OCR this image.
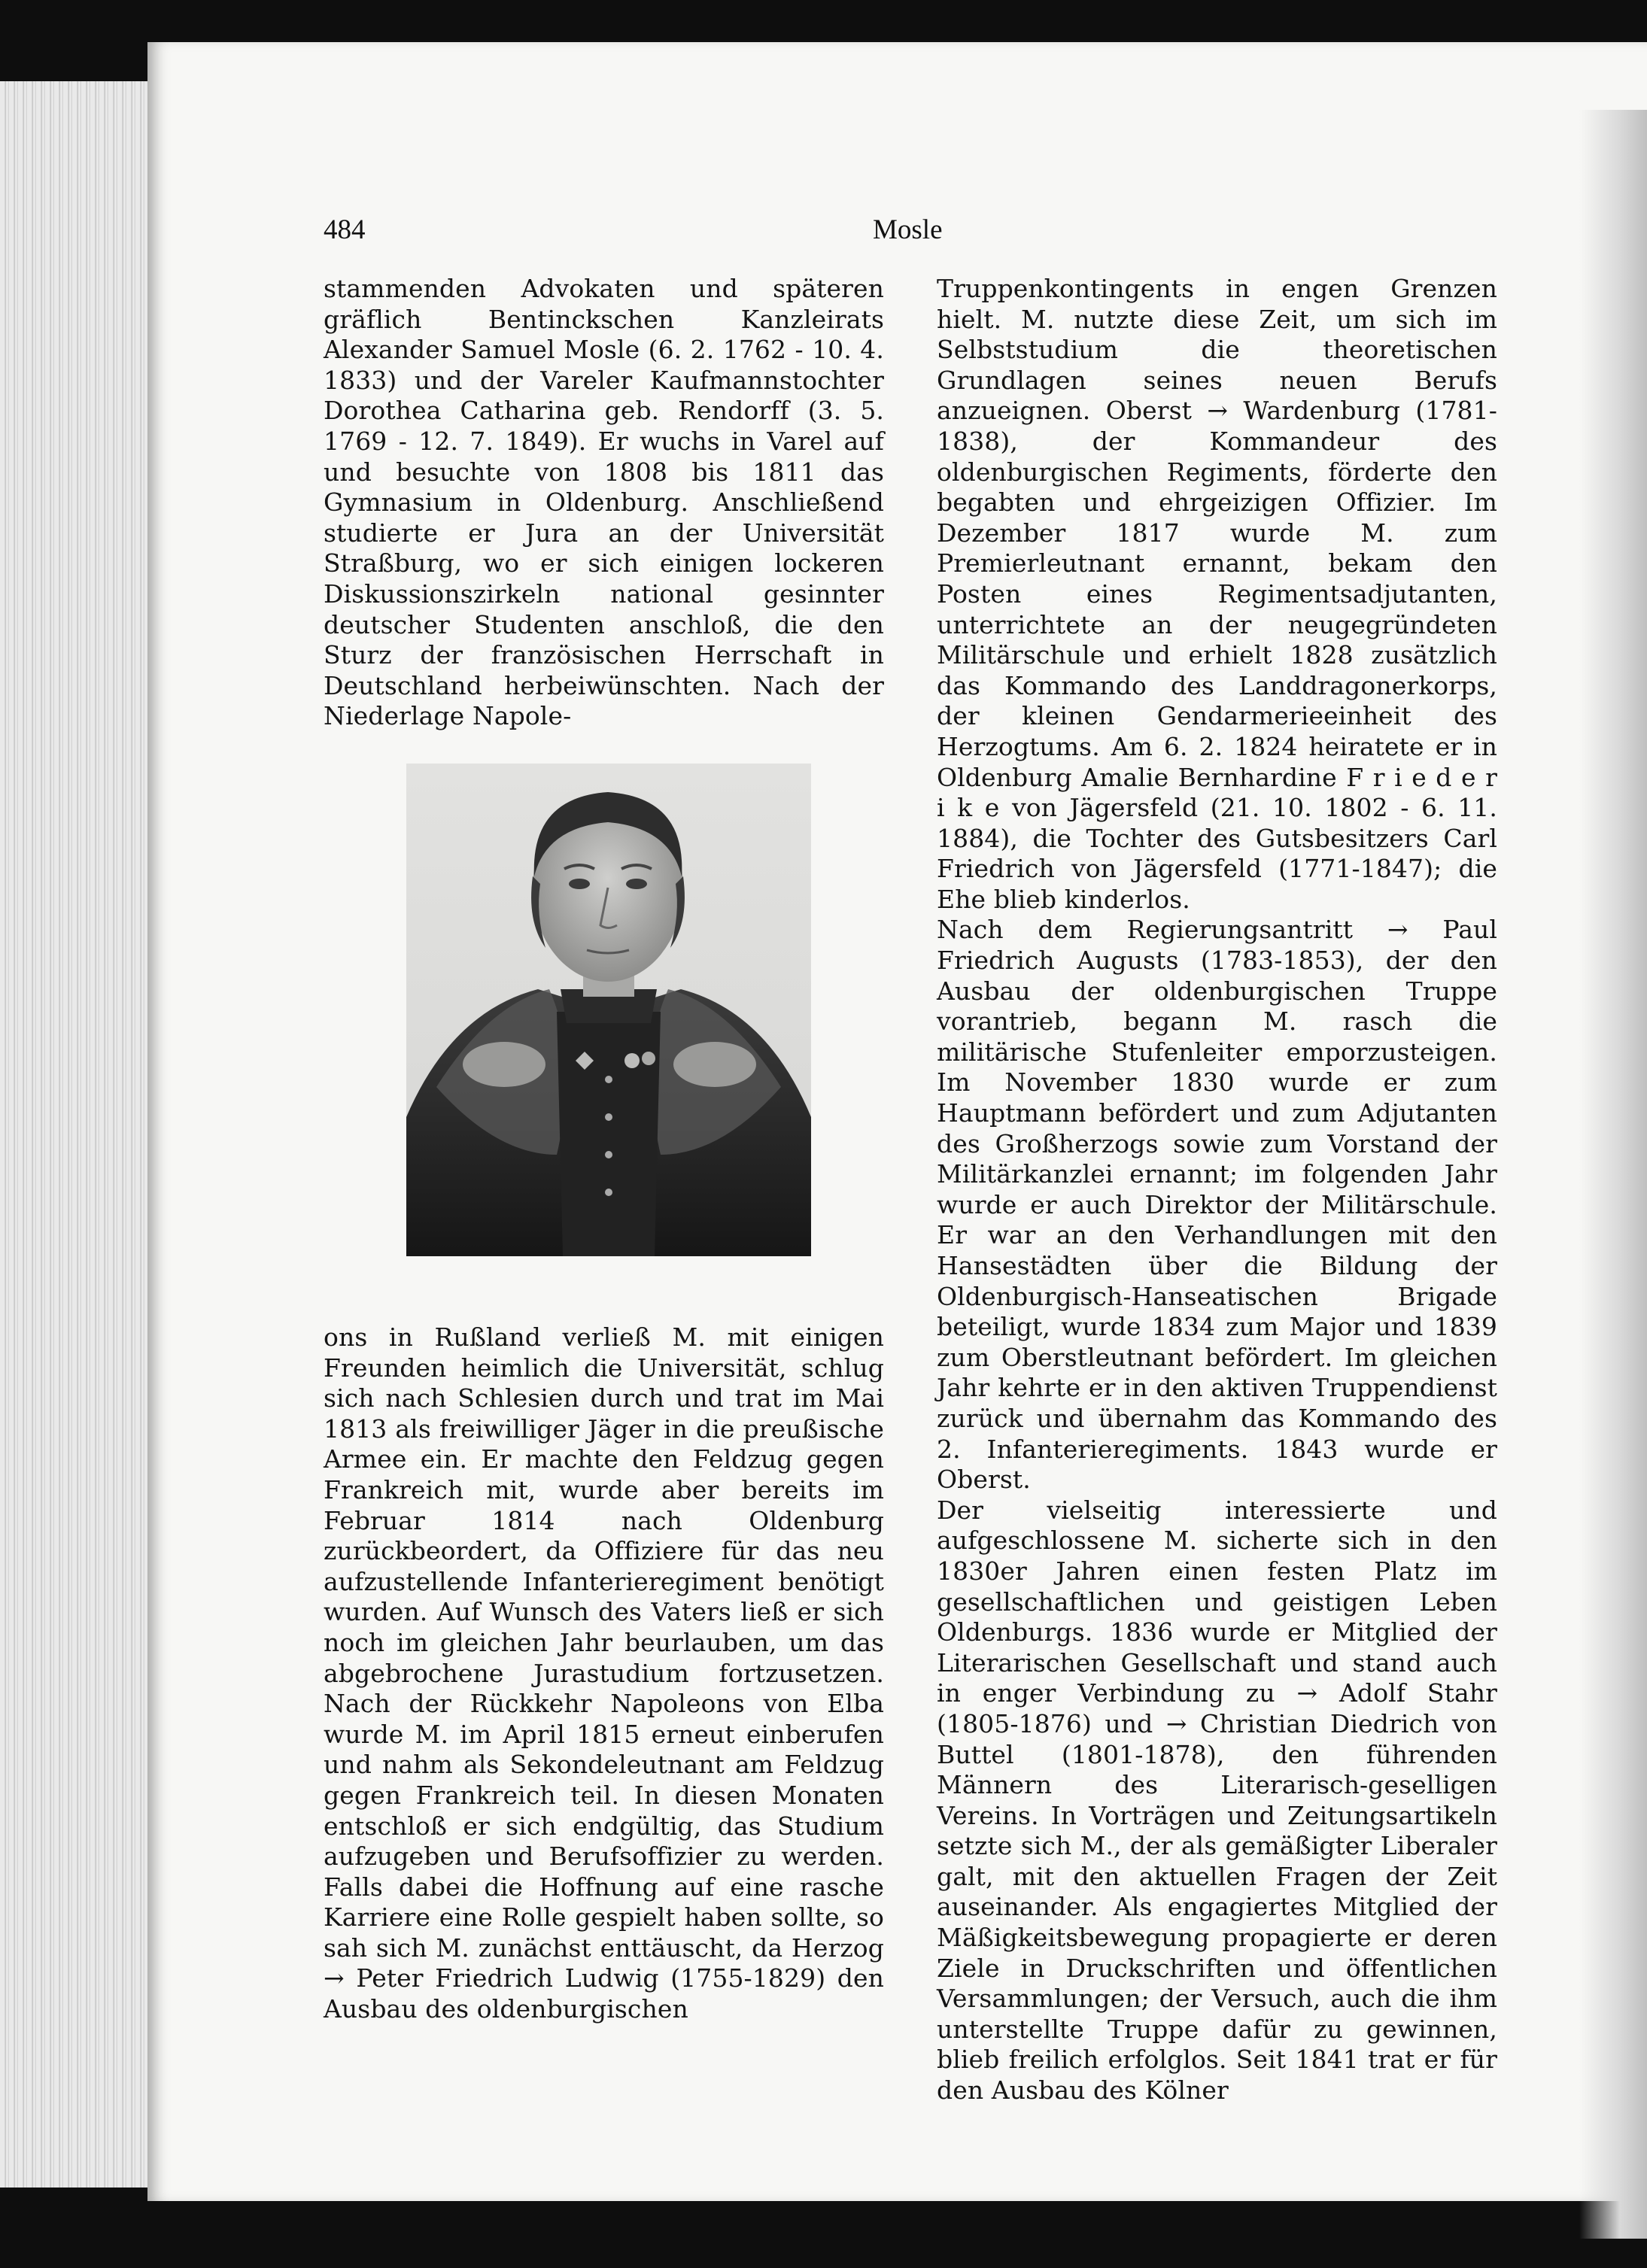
484	Mosle

stammenden Advokaten und späteren gräflich Bentinckschen Kanzleirats Alexander Samuel Mosle (6. 2. 1762 - 10. 4. 1833) und der Vareler Kaufmannstochter Dorothea Catharina geb. Rendorff (3. 5. 1769 - 12. 7. 1849). Er wuchs in Varel auf und besuchte von 1808 bis 1811 das Gymnasium in Oldenburg. Anschließend studierte er Jura an der Universität Straßburg, wo er sich einigen lockeren Diskussionszirkeln national gesinnter deutscher Studenten anschloß, die den Sturz der französischen Herrschaft in Deutschland herbeiwünschten. Nach der Niederlage Napole-

ons in Rußland verließ M. mit einigen Freunden heimlich die Universität, schlug sich nach Schlesien durch und trat im Mai 1813 als freiwilliger Jäger in die preußische Armee ein. Er machte den Feldzug gegen Frankreich mit, wurde aber bereits im Februar 1814 nach Oldenburg zurückbeordert, da Offiziere für das neu aufzustellende Infanterieregiment benötigt wurden. Auf Wunsch des Vaters ließ er sich noch im gleichen Jahr beurlauben, um das abgebrochene Jurastudium fortzusetzen. Nach der Rückkehr Napoleons von Elba wurde M. im April 1815 erneut einberufen und nahm als Sekondeleutnant am Feldzug gegen Frankreich teil. In diesen Monaten entschloß er sich endgültig, das Studium aufzugeben und Berufsoffizier zu werden. Falls dabei die Hoffnung auf eine rasche Karriere eine Rolle gespielt haben sollte, so sah sich M. zunächst enttäuscht, da Herzog → Peter Friedrich Ludwig (1755-1829) den Ausbau des oldenburgischen

Truppenkontingents in engen Grenzen hielt. M. nutzte diese Zeit, um sich im Selbststudium die theoretischen Grundlagen seines neuen Berufs anzueignen. Oberst → Wardenburg (1781-1838), der Kommandeur des oldenburgischen Regiments, förderte den begabten und ehrgeizigen Offizier. Im Dezember 1817 wurde M. zum Premierleutnant ernannt, bekam den Posten eines Regimentsadjutanten, unterrichtete an der neugegründeten Militärschule und erhielt 1828 zusätzlich das Kommando des Landdragonerkorps, der kleinen Gendarmerieeinheit des Herzogtums. Am 6. 2. 1824 heiratete er in Oldenburg Amalie Bernhardine F r i e d e r i k e von Jägersfeld (21. 10. 1802 - 6. 11. 1884), die Tochter des Gutsbesitzers Carl Friedrich von Jägersfeld (1771-1847); die Ehe blieb kinderlos.

Nach dem Regierungsantritt → Paul Friedrich Augusts (1783-1853), der den Ausbau der oldenburgischen Truppe vorantrieb, begann M. rasch die militärische Stufenleiter emporzusteigen. Im November 1830 wurde er zum Hauptmann befördert und zum Adjutanten des Großherzogs sowie zum Vorstand der Militärkanzlei ernannt; im folgenden Jahr wurde er auch Direktor der Militärschule. Er war an den Verhandlungen mit den Hansestädten über die Bildung der Oldenburgisch-Hanseatischen Brigade beteiligt, wurde 1834 zum Major und 1839 zum Oberstleutnant befördert. Im gleichen Jahr kehrte er in den aktiven Truppendienst zurück und übernahm das Kommando des 2. Infanterieregiments. 1843 wurde er Oberst.

Der vielseitig interessierte und aufgeschlossene M. sicherte sich in den 1830er Jahren einen festen Platz im gesellschaftlichen und geistigen Leben Oldenburgs. 1836 wurde er Mitglied der Literarischen Gesellschaft und stand auch in enger Verbindung zu → Adolf Stahr (1805-1876) und → Christian Diedrich von Buttel (1801-1878), den führenden Männern des Literarisch-geselligen Vereins. In Vorträgen und Zeitungsartikeln setzte sich M., der als gemäßigter Liberaler galt, mit den aktuellen Fragen der Zeit auseinander. Als engagiertes Mitglied der Mäßigkeitsbewegung propagierte er deren Ziele in Druckschriften und öffentlichen Versammlungen; der Versuch, auch die ihm unterstellte Truppe dafür zu gewinnen, blieb freilich erfolglos. Seit 1841 trat er für den Ausbau des Kölner
